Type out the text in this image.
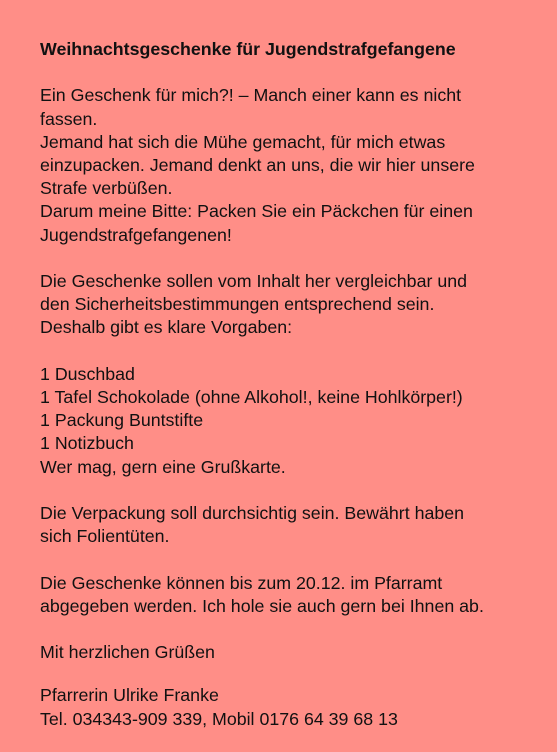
Weihnachtsgeschenke für Jugendstrafgefangene

Ein Geschenk für mich?! – Manch einer kann es nicht
fassen.
Jemand hat sich die Mühe gemacht, für mich etwas
einzupacken. Jemand denkt an uns, die wir hier unsere
Strafe verbüßen.
Darum meine Bitte: Packen Sie ein Päckchen für einen
Jugendstrafgefangenen!
Die Geschenke sollen vom Inhalt her vergleichbar und
den Sicherheitsbestimmungen entsprechend sein.
Deshalb gibt es klare Vorgaben:
1 Duschbad
1 Tafel Schokolade (ohne Alkohol!, keine Hohlkörper!)
1 Packung Buntstifte
1 Notizbuch
Wer mag, gern eine Grußkarte.
Die Verpackung soll durchsichtig sein. Bewährt haben
sich Folientüten.
Die Geschenke können bis zum 20.12. im Pfarramt
abgegeben werden. Ich hole sie auch gern bei Ihnen ab.
Mit herzlichen Grüßen
Pfarrerin Ulrike Franke
Tel. 034343-909 339, Mobil 0176 64 39 68 13
